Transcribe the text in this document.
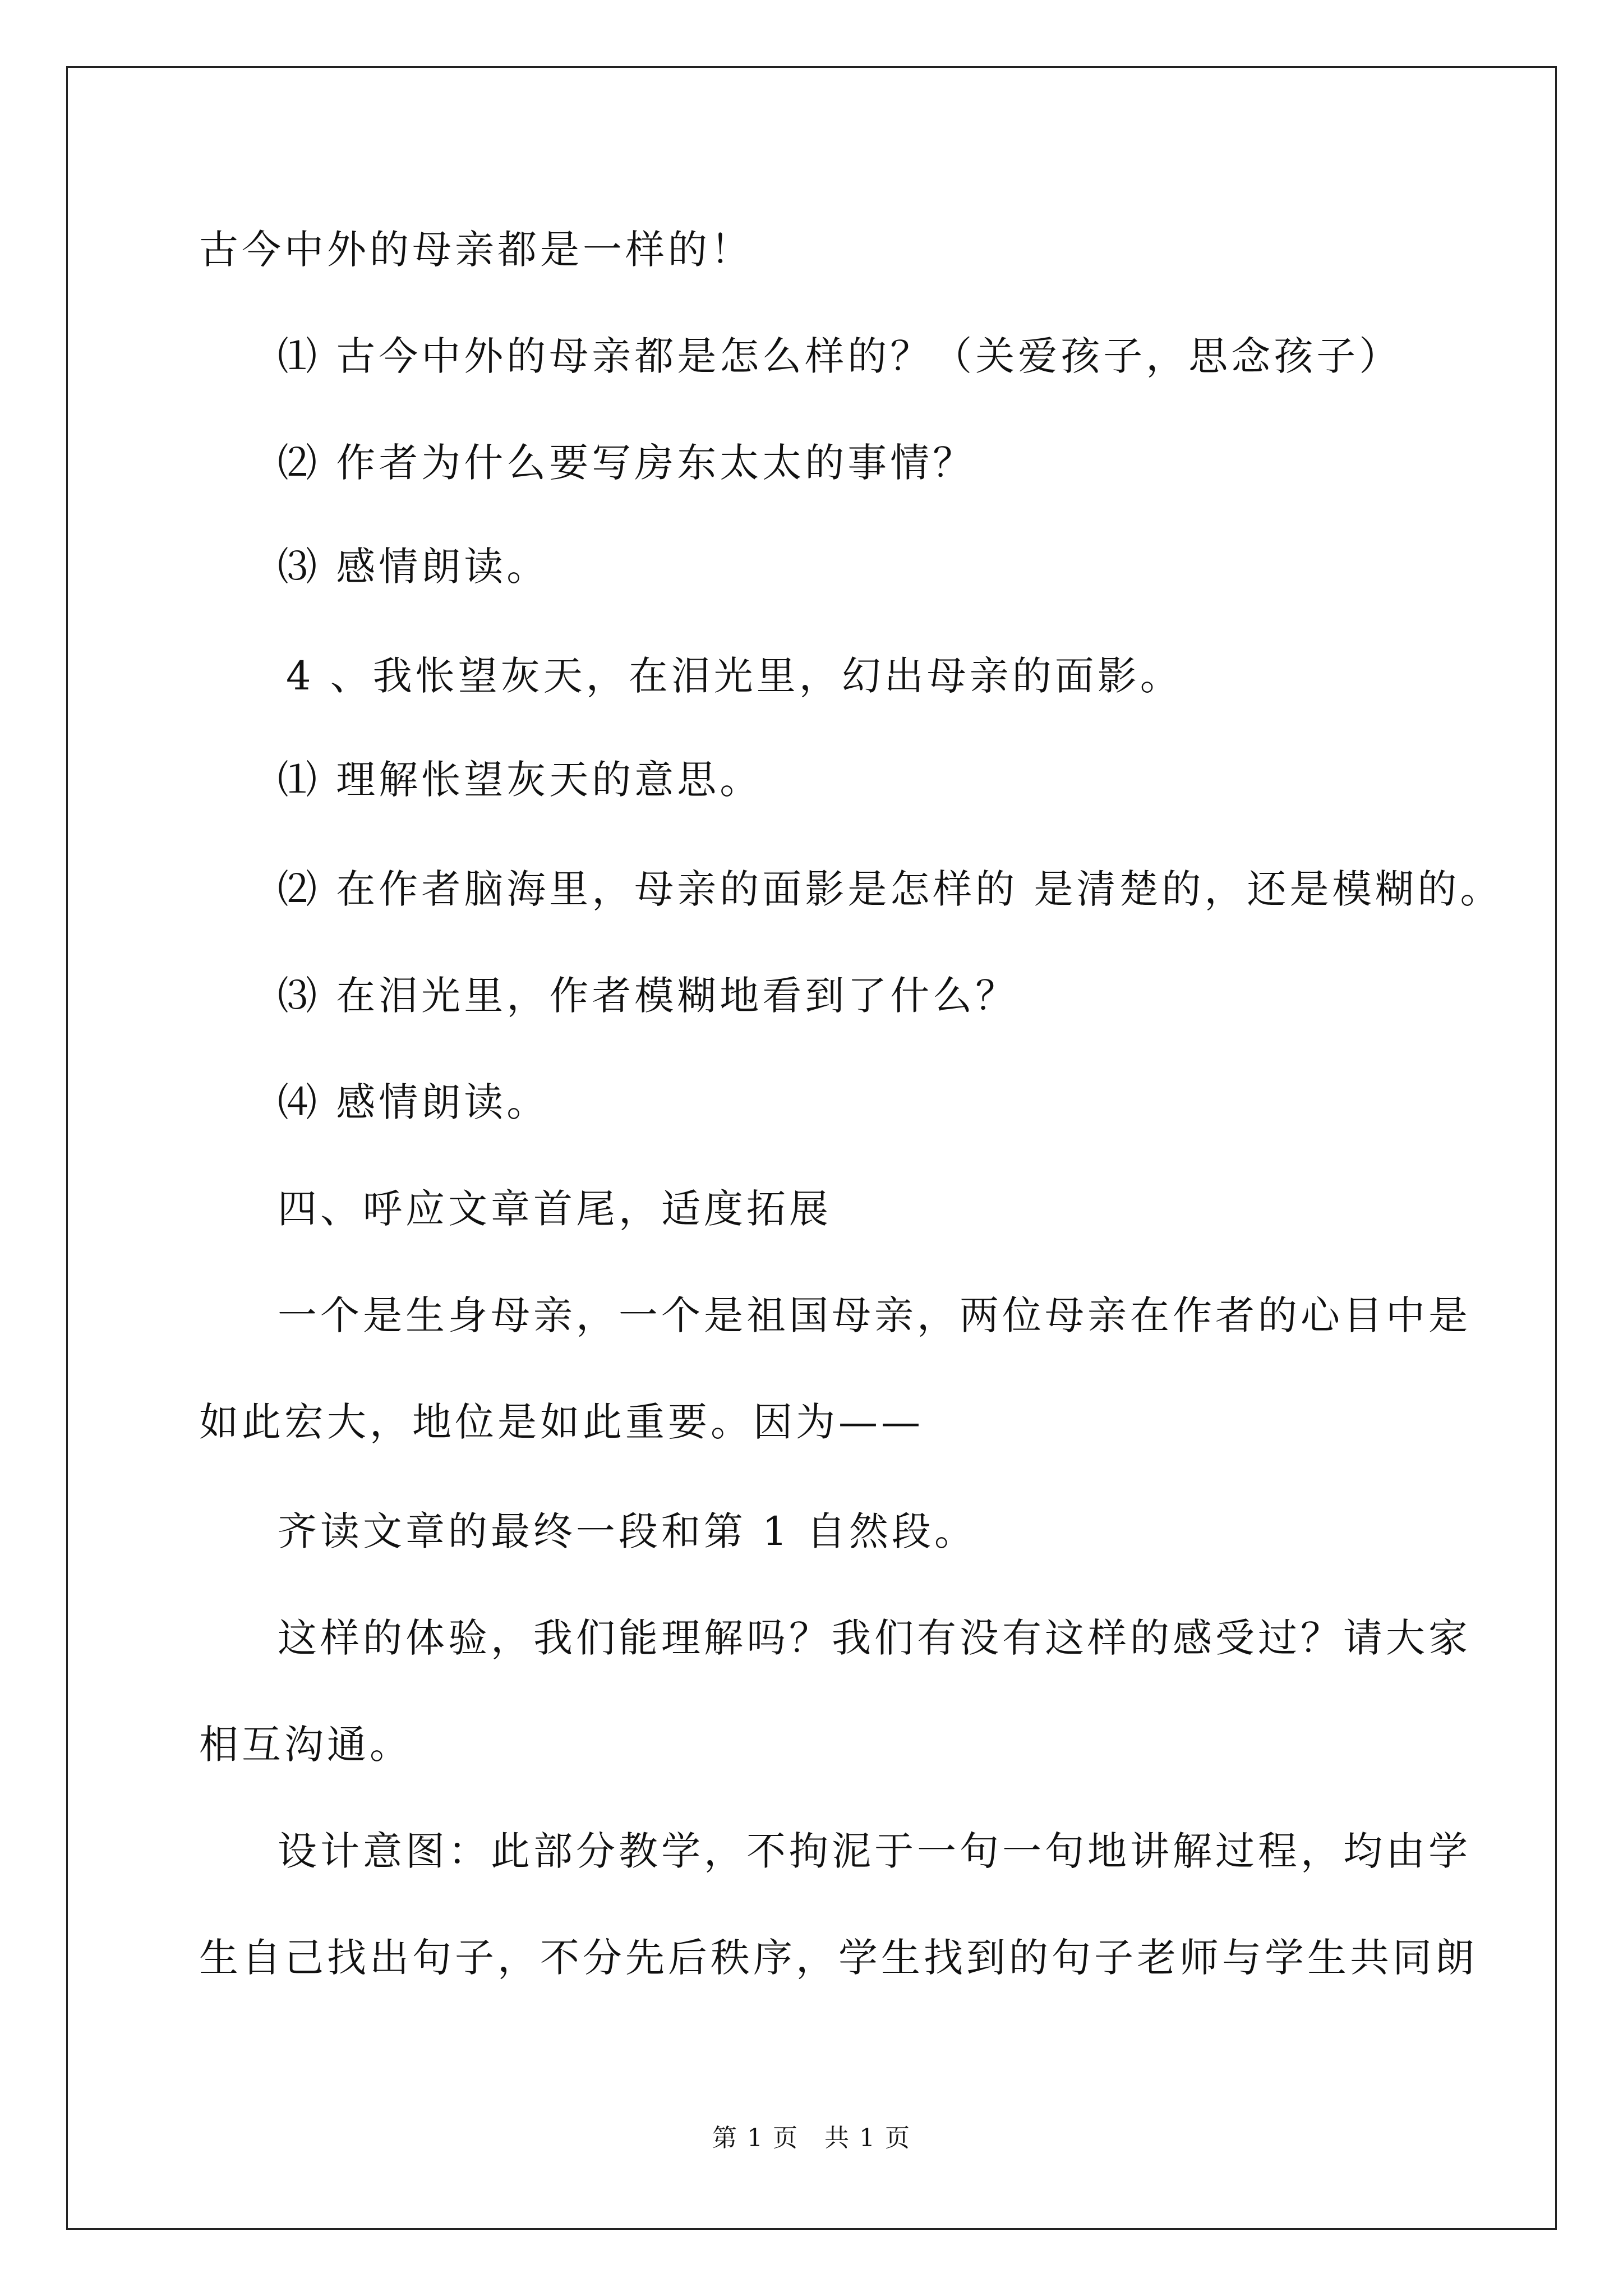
古今中外的母亲都是一样的！
⑴ 古今中外的母亲都是怎么样的？（关爱孩子，思念孩子）
⑵ 作者为什么要写房东太太的事情？
⑶ 感情朗读。
4 、我怅望灰天，在泪光里，幻出母亲的面影。
⑴ 理解怅望灰天的意思。
⑵ 在作者脑海里，母亲的面影是怎样的 是清楚的，还是模糊的。
⑶ 在泪光里，作者模糊地看到了什么？
⑷ 感情朗读。
四、呼应文章首尾，适度拓展
一个是生身母亲，一个是祖国母亲，两位母亲在作者的心目中是
如此宏大，地位是如此重要。因为——
齐读文章的最终一段和第 1 自然段。
这样的体验，我们能理解吗？我们有没有这样的感受过？请大家
相互沟通。
设计意图：此部分教学，不拘泥于一句一句地讲解过程，均由学
生自己找出句子，不分先后秩序，学生找到的句子老师与学生共同朗
第 1 页　共 1 页
